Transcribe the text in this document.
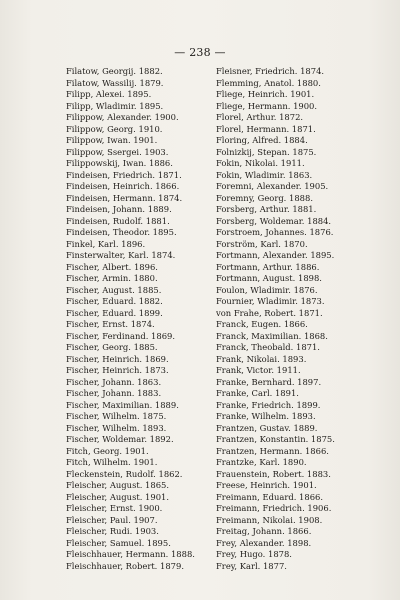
— 238 —
Filatow, Georgij. 1882.
Filatow, Wassilij. 1879.
Filipp, Alexei. 1895.
Filipp, Wladimir. 1895.
Filippow, Alexander. 1900.
Filippow, Georg. 1910.
Filippow, Iwan. 1901.
Filippow, Ssergei. 1903.
Filippowskij, Iwan. 1886.
Findeisen, Friedrich. 1871.
Findeisen, Heinrich. 1866.
Findeisen, Hermann. 1874.
Findeisen, Johann. 1889.
Findeisen, Rudolf. 1881.
Findeisen, Theodor. 1895.
Finkel, Karl. 1896.
Finsterwalter, Karl. 1874.
Fischer, Albert. 1896.
Fischer, Armin. 1880.
Fischer, August. 1885.
Fischer, Eduard. 1882.
Fischer, Eduard. 1899.
Fischer, Ernst. 1874.
Fischer, Ferdinand. 1869.
Fischer, Georg. 1885.
Fischer, Heinrich. 1869.
Fischer, Heinrich. 1873.
Fischer, Johann. 1863.
Fischer, Johann. 1883.
Fischer, Maximilian. 1889.
Fischer, Wilhelm. 1875.
Fischer, Wilhelm. 1893.
Fischer, Woldemar. 1892.
Fitch, Georg. 1901.
Fitch, Wilhelm. 1901.
Fleckenstein, Rudolf. 1862.
Fleischer, August. 1865.
Fleischer, August. 1901.
Fleischer, Ernst. 1900.
Fleischer, Paul. 1907.
Fleischer, Rudi. 1903.
Fleischer, Samuel. 1895.
Fleischhauer, Hermann. 1888.
Fleischhauer, Robert. 1879.
Fleisner, Friedrich. 1874.
Flemming, Anatol. 1880.
Fliege, Heinrich. 1901.
Fliege, Hermann. 1900.
Florel, Arthur. 1872.
Florel, Hermann. 1871.
Floring, Alfred. 1884.
Folnizkij, Stepan. 1875.
Fokin, Nikolai. 1911.
Fokin, Wladimir. 1863.
Foremni, Alexander. 1905.
Foremny, Georg. 1888.
Forsberg, Arthur. 1881.
Forsberg, Woldemar. 1884.
Forstroem, Johannes. 1876.
Forström, Karl. 1870.
Fortmann, Alexander. 1895.
Fortmann, Arthur. 1886.
Fortmann, August. 1898.
Foulon, Wladimir. 1876.
Fournier, Wladimir. 1873.
von Frahe, Robert. 1871.
Franck, Eugen. 1866.
Franck, Maximilian. 1868.
Franck, Theobald. 1871.
Frank, Nikolai. 1893.
Frank, Victor. 1911.
Franke, Bernhard. 1897.
Franke, Carl. 1891.
Franke, Friedrich. 1899.
Franke, Wilhelm. 1893.
Frantzen, Gustav. 1889.
Frantzen, Konstantin. 1875.
Frantzen, Hermann. 1866.
Frantzke, Karl. 1890.
Frauenstein, Robert. 1883.
Freese, Heinrich. 1901.
Freimann, Eduard. 1866.
Freimann, Friedrich. 1906.
Freimann, Nikolai. 1908.
Freitag, Johann. 1866.
Frey, Alexander. 1898.
Frey, Hugo. 1878.
Frey, Karl. 1877.
